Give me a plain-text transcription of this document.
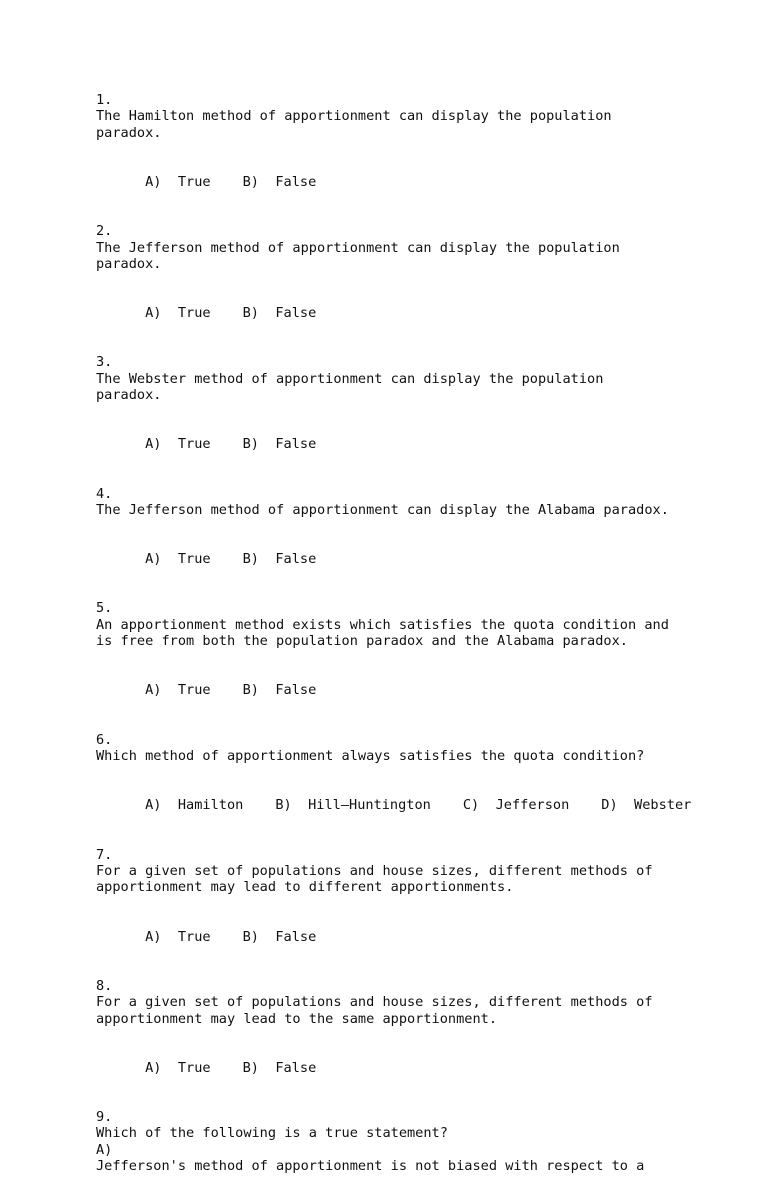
1.
The Hamilton method of apportionment can display the population
paradox.

A) True B) False

2.
The Jefferson method of apportionment can display the population
paradox.

A) True B) False

3.
The Webster method of apportionment can display the population
paradox.

A) True B) False

4.
The Jefferson method of apportionment can display the Alabama paradox.

A) True B) False

5.
An apportionment method exists which satisfies the quota condition and
is free from both the population paradox and the Alabama paradox.

A) True B) False

6.
Which method of apportionment always satisfies the quota condition?

A) Hamilton B) Hill–Huntington C) Jefferson D) Webster

7.
For a given set of populations and house sizes, different methods of
apportionment may lead to different apportionments.

A) True B) False

8.
For a given set of populations and house sizes, different methods of
apportionment may lead to the same apportionment.

A) True B) False

9.
Which of the following is a true statement?
A)
Jefferson's method of apportionment is not biased with respect to a
